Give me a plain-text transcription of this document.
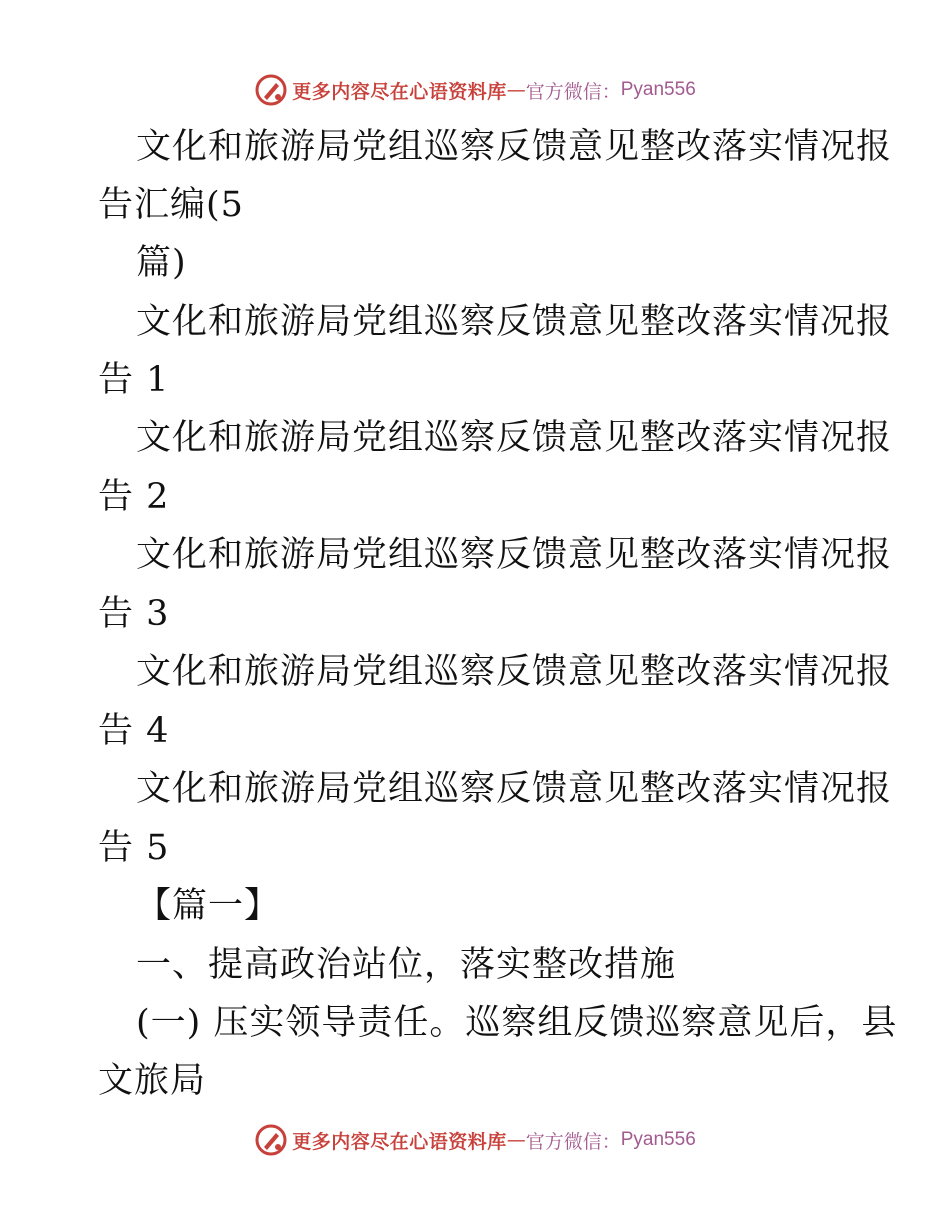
更多内容尽在心语资料库 — 官方微信： Pyan556
文化和旅游局党组巡察反馈意见整改落实情况报
告汇编(5
篇)
文化和旅游局党组巡察反馈意见整改落实情况报
告 1
文化和旅游局党组巡察反馈意见整改落实情况报
告 2
文化和旅游局党组巡察反馈意见整改落实情况报
告 3
文化和旅游局党组巡察反馈意见整改落实情况报
告 4
文化和旅游局党组巡察反馈意见整改落实情况报
告 5
【篇一】
一、提高政治站位，落实整改措施
(一) 压实领导责任。巡察组反馈巡察意见后，县
文旅局
更多内容尽在心语资料库 — 官方微信： Pyan556
